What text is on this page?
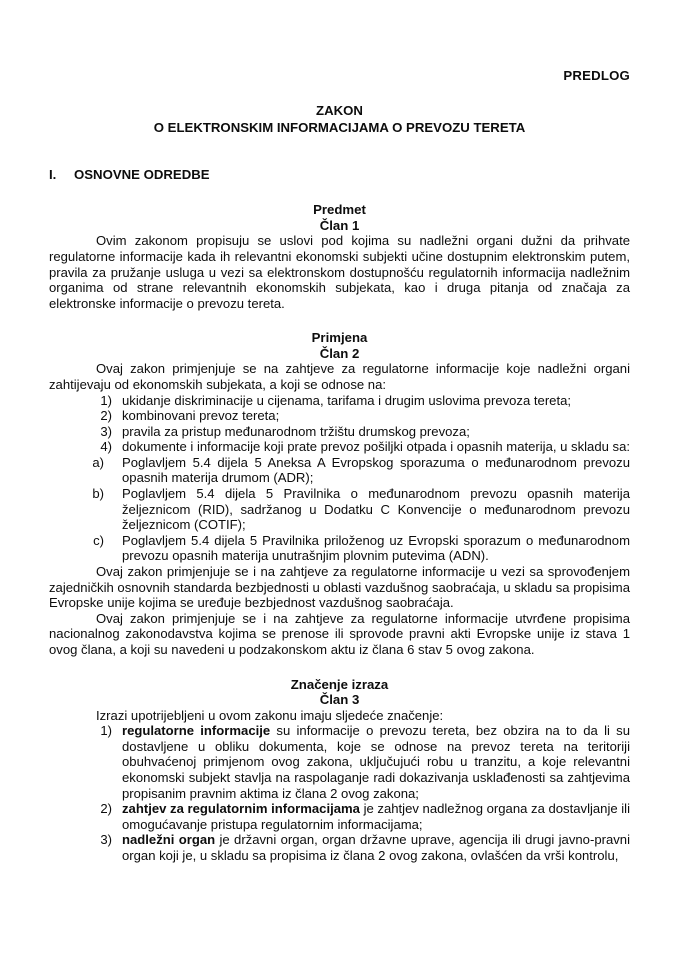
PREDLOG
ZAKON
O ELEKTRONSKIM INFORMACIJAMA O PREVOZU TERETA
I. OSNOVNE ODREDBE
Predmet
Član 1

Ovim zakonom propisuju se uslovi pod kojima su nadležni organi dužni da prihvate regulatorne informacije kada ih relevantni ekonomski subjekti učine dostupnim elektronskim putem, pravila za pružanje usluga u vezi sa elektronskom dostupnošću regulatornih informacija nadležnim organima od strane relevantnih ekonomskih subjekata, kao i druga pitanja od značaja za elektronske informacije o prevozu tereta.

Primjena
Član 2

Ovaj zakon primjenjuje se na zahtjeve za regulatorne informacije koje nadležni organi zahtijevaju od ekonomskih subjekata, a koji se odnose na:

1) ukidanje diskriminacije u cijenama, tarifama i drugim uslovima prevoza tereta;
2) kombinovani prevoz tereta;
3) pravila za pristup međunarodnom tržištu drumskog prevoza;
4) dokumente i informacije koji prate prevoz pošiljki otpada i opasnih materija, u skladu sa:
a) Poglavljem 5.4 dijela 5 Aneksa A Evropskog sporazuma o međunarodnom prevozu opasnih materija drumom (ADR);
b) Poglavljem 5.4 dijela 5 Pravilnika o međunarodnom prevozu opasnih materija željeznicom (RID), sadržanog u Dodatku C Konvencije o međunarodnom prevozu željeznicom (COTIF);
c) Poglavljem 5.4 dijela 5 Pravilnika priloženog uz Evropski sporazum o međunarodnom prevozu opasnih materija unutrašnjim plovnim putevima (ADN).

Ovaj zakon primjenjuje se i na zahtjeve za regulatorne informacije u vezi sa sprovođenjem zajedničkih osnovnih standarda bezbjednosti u oblasti vazdušnog saobraćaja, u skladu sa propisima Evropske unije kojima se uređuje bezbjednost vazdušnog saobraćaja.

Ovaj zakon primjenjuje se i na zahtjeve za regulatorne informacije utvrđene propisima nacionalnog zakonodavstva kojima se prenose ili sprovode pravni akti Evropske unije iz stava 1 ovog člana, a koji su navedeni u podzakonskom aktu iz člana 6 stav 5 ovog zakona.

Značenje izraza
Član 3

Izrazi upotrijebljeni u ovom zakonu imaju sljedeće značenje:

1) regulatorne informacije su informacije o prevozu tereta, bez obzira na to da li su dostavljene u obliku dokumenta, koje se odnose na prevoz tereta na teritoriji obuhvaćenoj primjenom ovog zakona, uključujući robu u tranzitu, a koje relevantni ekonomski subjekt stavlja na raspolaganje radi dokazivanja usklađenosti sa zahtjevima propisanim pravnim aktima iz člana 2 ovog zakona;
2) zahtjev za regulatornim informacijama je zahtjev nadležnog organa za dostavljanje ili omogućavanje pristupa regulatornim informacijama;
3) nadležni organ je državni organ, organ državne uprave, agencija ili drugi javno-pravni organ koji je, u skladu sa propisima iz člana 2 ovog zakona, ovlašćen da vrši kontrolu,
